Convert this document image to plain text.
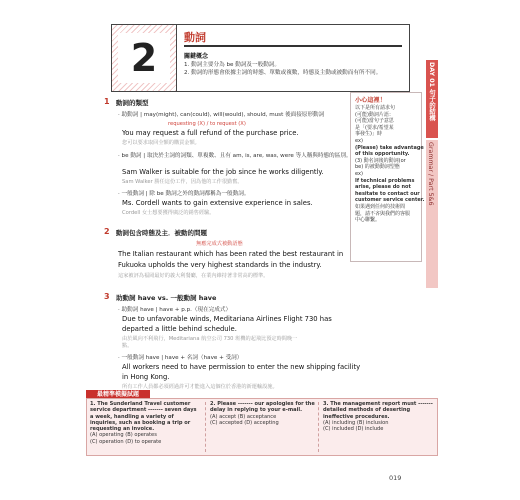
2	動詞
關鍵概念
1. 動詞主要分為 be 動詞及一般動詞。
2. 動詞的形態會依據主詞的時態、單數或複數，時態及主動或被動而有所不同。	DAY 01 句子的結構
Grammar / Part 5&6
小心這裡！
以下是所有請求句
(可能)動詞片語：
(可能)當句子意思
是「(要求/希望某
事發生)」時
ex)
(Please) take advantage
of this opportunity.
(3) 動名詞後的動詞(or
be) 的被動動詞型態
ex)
If technical problems
arise, please do not
hesitate to contact our
customer service center.
如果遇到任何的技術問
題，請不吝與我們的客服
中心聯繫。
1 動詞的類型
· 助動詞 | may(might), can(could), will(would), should, must 後面接原形動詞
requesting (X) / to request (X)
You may request a full refund of the purchase price.
您可以要求取回全額的購買金額。
· be 動詞 | 取決於主詞的詞類、單複數、且有 am, is, are, was, were 等人稱與時態的區別。
Sam Walker is suitable for the job since he works diligently.
Sam Walker 勝任這份工作，因為他的工作很勤奮。
· 一般動詞 | 除 be 動詞之外的動詞都稱為一般動詞。
Ms. Cordell wants to gain extensive experience in sales.
Cordell 女士想要獲得廣泛的銷售經驗。
2 動詞包含時態及主．被動的問題
無應完成式被動語態
The Italian restaurant which has been rated the best restaurant in
Fukuoka upholds the very highest standards in the industry.
這家被評為福岡最好的義大利餐廳，在業內維持著非常高的標準。
3 助動詞 have vs. 一般動詞 have
· 助動詞 have | have + p.p.（現在完成式）
Due to unfavorable winds, Meditariana Airlines Flight 730 has
departed a little behind schedule.
由於風向不利飛行，Meditariana 航空公司 730 班機的起飛比預定時間晚一
點。
· 一般動詞 have | have + 名詞（have + 受詞）
All workers need to have permission to enter the new shipping facility
in Hong Kong.
所有工作人員都必須經過許可才能進入這個位於香港的新運輸設施。
最精準模擬試題
1. The Sunderland Travel customer
service department ------- seven days
a week, handling a variety of
inquiries, such as booking a trip or
requesting an invoice.
(A) operating (B) operates
(C) operation (D) to operate
2. Please ------- our apologies for the
delay in replying to your e-mail.
(A) accept (B) acceptance
(C) accepted (D) accepting
3. The management report must -------
detailed methods of deserting
ineffective procedures.
(A) including (B) inclusion
(C) included (D) include
019
